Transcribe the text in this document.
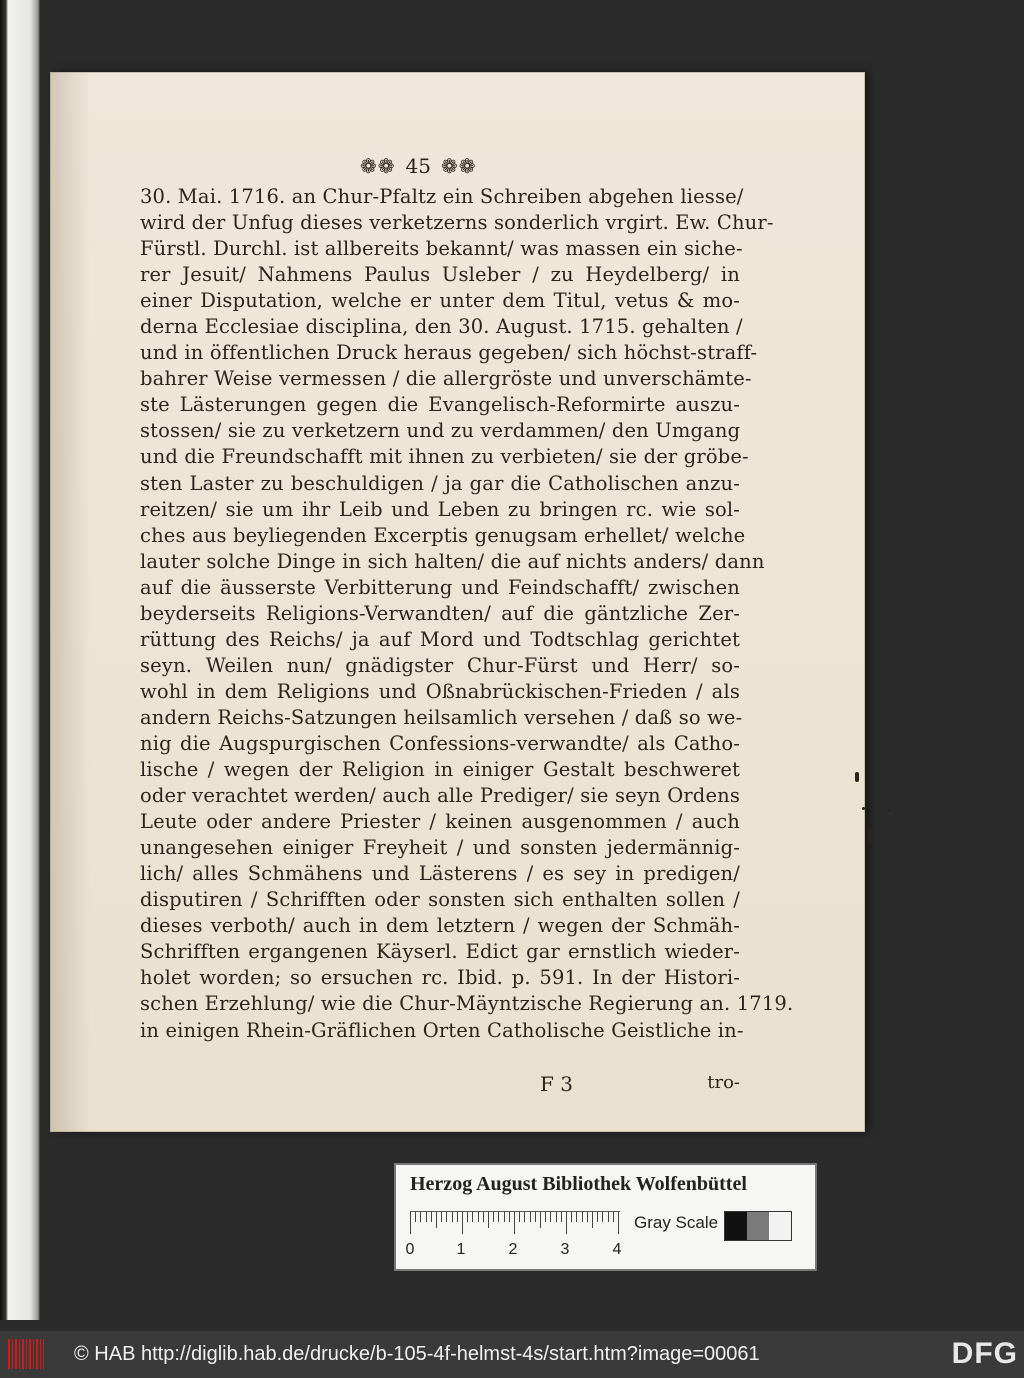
❁❁ 45 ❁❁
30. Mai. 1716. an Chur-Pfaltz ein Schreiben abgehen liesse/
wird der Unfug dieses verketzerns sonderlich vrgirt. Ew. Chur-
Fürstl. Durchl. ist allbereits bekannt/ was massen ein siche-
rer Jesuit/ Nahmens Paulus Usleber / zu Heydelberg/ in
einer Disputation, welche er unter dem Titul, vetus & mo-
derna Ecclesiae disciplina, den 30. August. 1715. gehalten /
und in öffentlichen Druck heraus gegeben/ sich höchst-straff-
bahrer Weise vermessen / die allergröste und unverschämte-
ste Lästerungen gegen die Evangelisch-Reformirte auszu-
stossen/ sie zu verketzern und zu verdammen/ den Umgang
und die Freundschafft mit ihnen zu verbieten/ sie der gröbe-
sten Laster zu beschuldigen / ja gar die Catholischen anzu-
reitzen/ sie um ihr Leib und Leben zu bringen rc. wie sol-
ches aus beyliegenden Excerptis genugsam erhellet/ welche
lauter solche Dinge in sich halten/ die auf nichts anders/ dann
auf die äusserste Verbitterung und Feindschafft/ zwischen
beyderseits Religions-Verwandten/ auf die gäntzliche Zer-
rüttung des Reichs/ ja auf Mord und Todtschlag gerichtet
seyn. Weilen nun/ gnädigster Chur-Fürst und Herr/ so-
wohl in dem Religions und Oßnabrückischen-Frieden / als
andern Reichs-Satzungen heilsamlich versehen / daß so we-
nig die Augspurgischen Confessions-verwandte/ als Catho-
lische / wegen der Religion in einiger Gestalt beschweret
oder verachtet werden/ auch alle Prediger/ sie seyn Ordens
Leute oder andere Priester / keinen ausgenommen / auch
unangesehen einiger Freyheit / und sonsten jedermännig-
lich/ alles Schmähens und Lästerens / es sey in predigen/
disputiren / Schrifften oder sonsten sich enthalten sollen /
dieses verboth/ auch in dem letztern / wegen der Schmäh-
Schrifften ergangenen Käyserl. Edict gar ernstlich wieder-
holet worden; so ersuchen rc. Ibid. p. 591. In der Histori-
schen Erzehlung/ wie die Chur-Mäyntzische Regierung an. 1719.
in einigen Rhein-Gräflichen Orten Catholische Geistliche in-
F 3	tro-
Herzog August Bibliothek Wolfenbüttel
0	1	2	3	4
Gray Scale
© HAB http://diglib.hab.de/drucke/b-105-4f-helmst-4s/start.htm?image=00061	DFG
